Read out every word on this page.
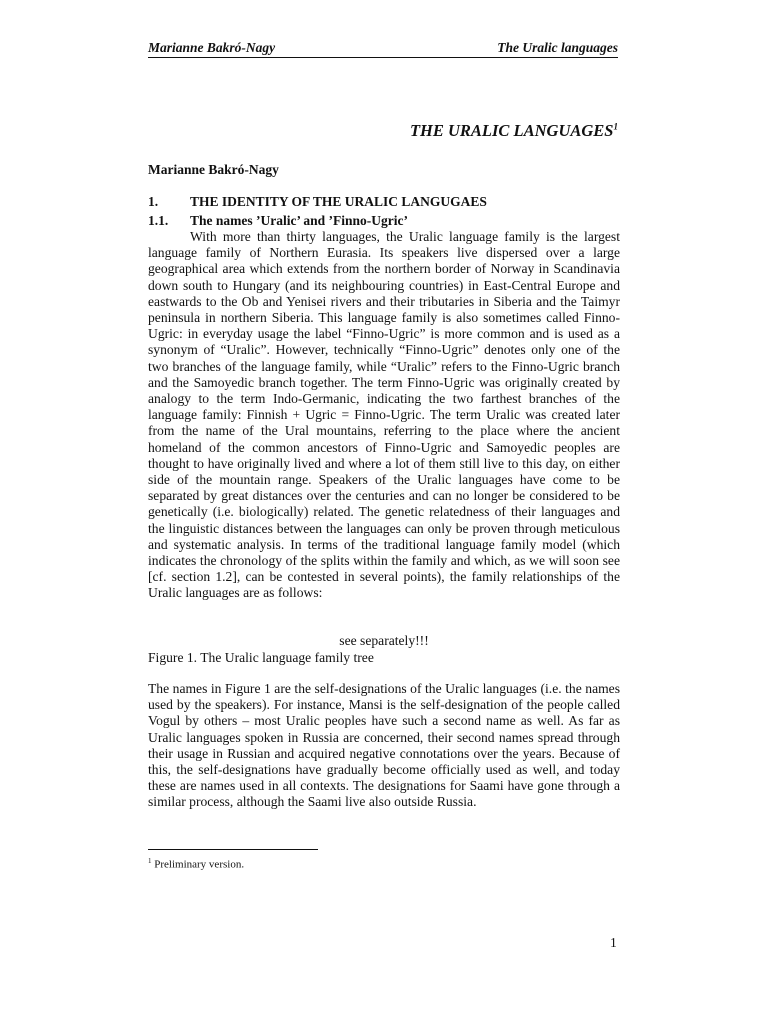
Marianne Bakró-Nagy	The Uralic languages
THE URALIC LANGUAGES$^1$
Marianne Bakró-Nagy
1. THE IDENTITY OF THE URALIC LANGUGAES
1.1. The names ’Uralic’ and ’Finno-Ugric’
With more than thirty languages, the Uralic language family is the largest language family of Northern Eurasia. Its speakers live dispersed over a large geographical area which extends from the northern border of Norway in Scandinavia down south to Hungary (and its neighbouring countries) in East-Central Europe and eastwards to the Ob and Yenisei rivers and their tributaries in Siberia and the Taimyr peninsula in northern Siberia. This language family is also sometimes called Finno-Ugric: in everyday usage the label “Finno-Ugric” is more common and is used as a synonym of “Uralic”. However, technically “Finno-Ugric” denotes only one of the two branches of the language family, while “Uralic” refers to the Finno-Ugric branch and the Samoyedic branch together. The term Finno-Ugric was originally created by analogy to the term Indo-Germanic, indicating the two farthest branches of the language family: Finnish + Ugric = Finno-Ugric. The term Uralic was created later from the name of the Ural mountains, referring to the place where the ancient homeland of the common ancestors of Finno-Ugric and Samoyedic peoples are thought to have originally lived and where a lot of them still live to this day, on either side of the mountain range. Speakers of the Uralic languages have come to be separated by great distances over the centuries and can no longer be considered to be genetically (i.e. biologically) related. The genetic relatedness of their languages and the linguistic distances between the languages can only be proven through meticulous and systematic analysis. In terms of the traditional language family model (which indicates the chronology of the splits within the family and which, as we will soon see [cf. section 1.2], can be contested in several points), the family relationships of the Uralic languages are as follows:
see separately!!!
Figure 1. The Uralic language family tree
The names in Figure 1 are the self-designations of the Uralic languages (i.e. the names used by the speakers). For instance, Mansi is the self-designation of the people called Vogul by others – most Uralic peoples have such a second name as well. As far as Uralic languages spoken in Russia are concerned, their second names spread through their usage in Russian and acquired negative connotations over the years. Because of this, the self-designations have gradually become officially used as well, and today these are names used in all contexts. The designations for Saami have gone through a similar process, although the Saami live also outside Russia.
$^1$ Preliminary version.
1
